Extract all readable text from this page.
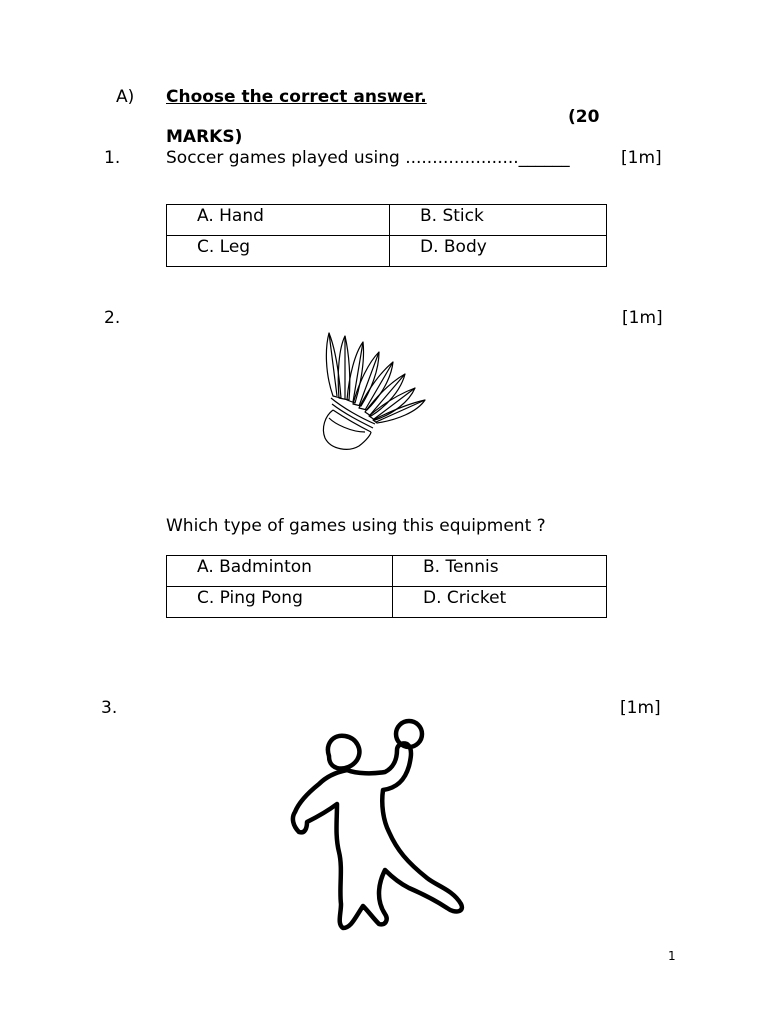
A) Choose the correct answer.
(20
MARKS)
1.	Soccer games played using .....................______	[1m]
A. Hand	B. Stick
C. Leg	D. Body
2.	[1m]
Which type of games using this equipment ?
A. Badminton	B. Tennis
C. Ping Pong	D. Cricket
3.	[1m]
1
